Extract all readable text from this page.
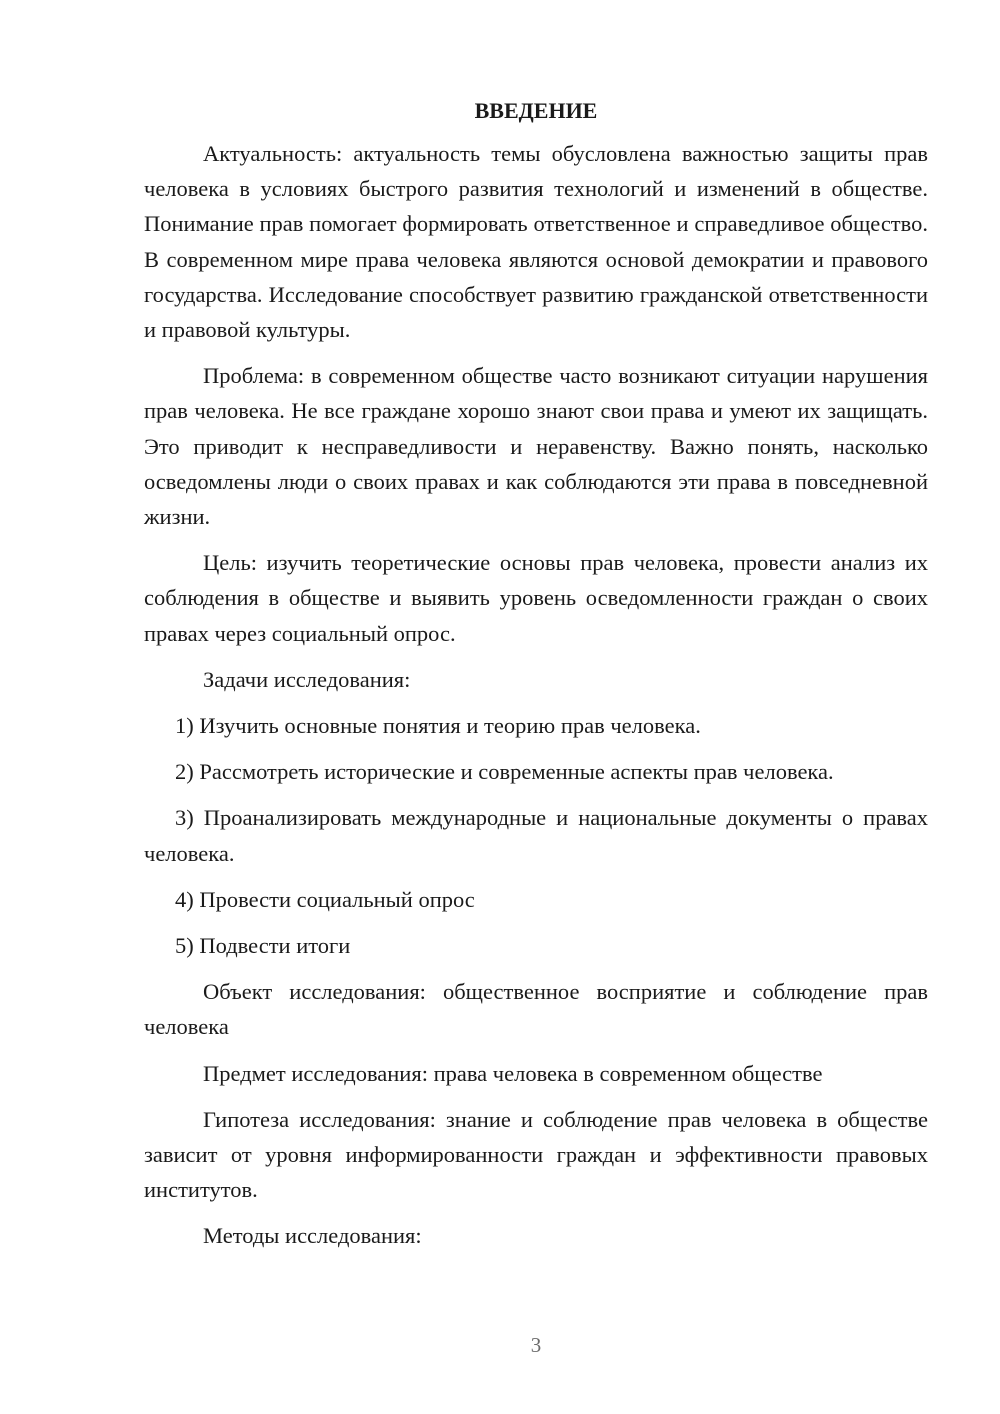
ВВЕДЕНИЕ

Актуальность: актуальность темы обусловлена важностью защиты прав человека в условиях быстрого развития технологий и изменений в обществе. Понимание прав помогает формировать ответственное и справедливое общество. В современном мире права человека являются основой демократии и правового государства. Исследование способствует развитию гражданской ответственности и правовой культуры.

Проблема: в современном обществе часто возникают ситуации нарушения прав человека. Не все граждане хорошо знают свои права и умеют их защищать. Это приводит к несправедливости и неравенству. Важно понять, насколько осведомлены люди о своих правах и как соблюдаются эти права в повседневной жизни.

Цель: изучить теоретические основы прав человека, провести анализ их соблюдения в обществе и выявить уровень осведомленности граждан о своих правах через социальный опрос.

Задачи исследования:

1) Изучить основные понятия и теорию прав человека.

2) Рассмотреть исторические и современные аспекты прав человека.

3) Проанализировать международные и национальные документы о правах человека.

4) Провести социальный опрос

5) Подвести итоги

Объект исследования: общественное восприятие и соблюдение прав человека

Предмет исследования: права человека в современном обществе

Гипотеза исследования: знание и соблюдение прав человека в обществе зависит от уровня информированности граждан и эффективности правовых институтов.

Методы исследования:

3
